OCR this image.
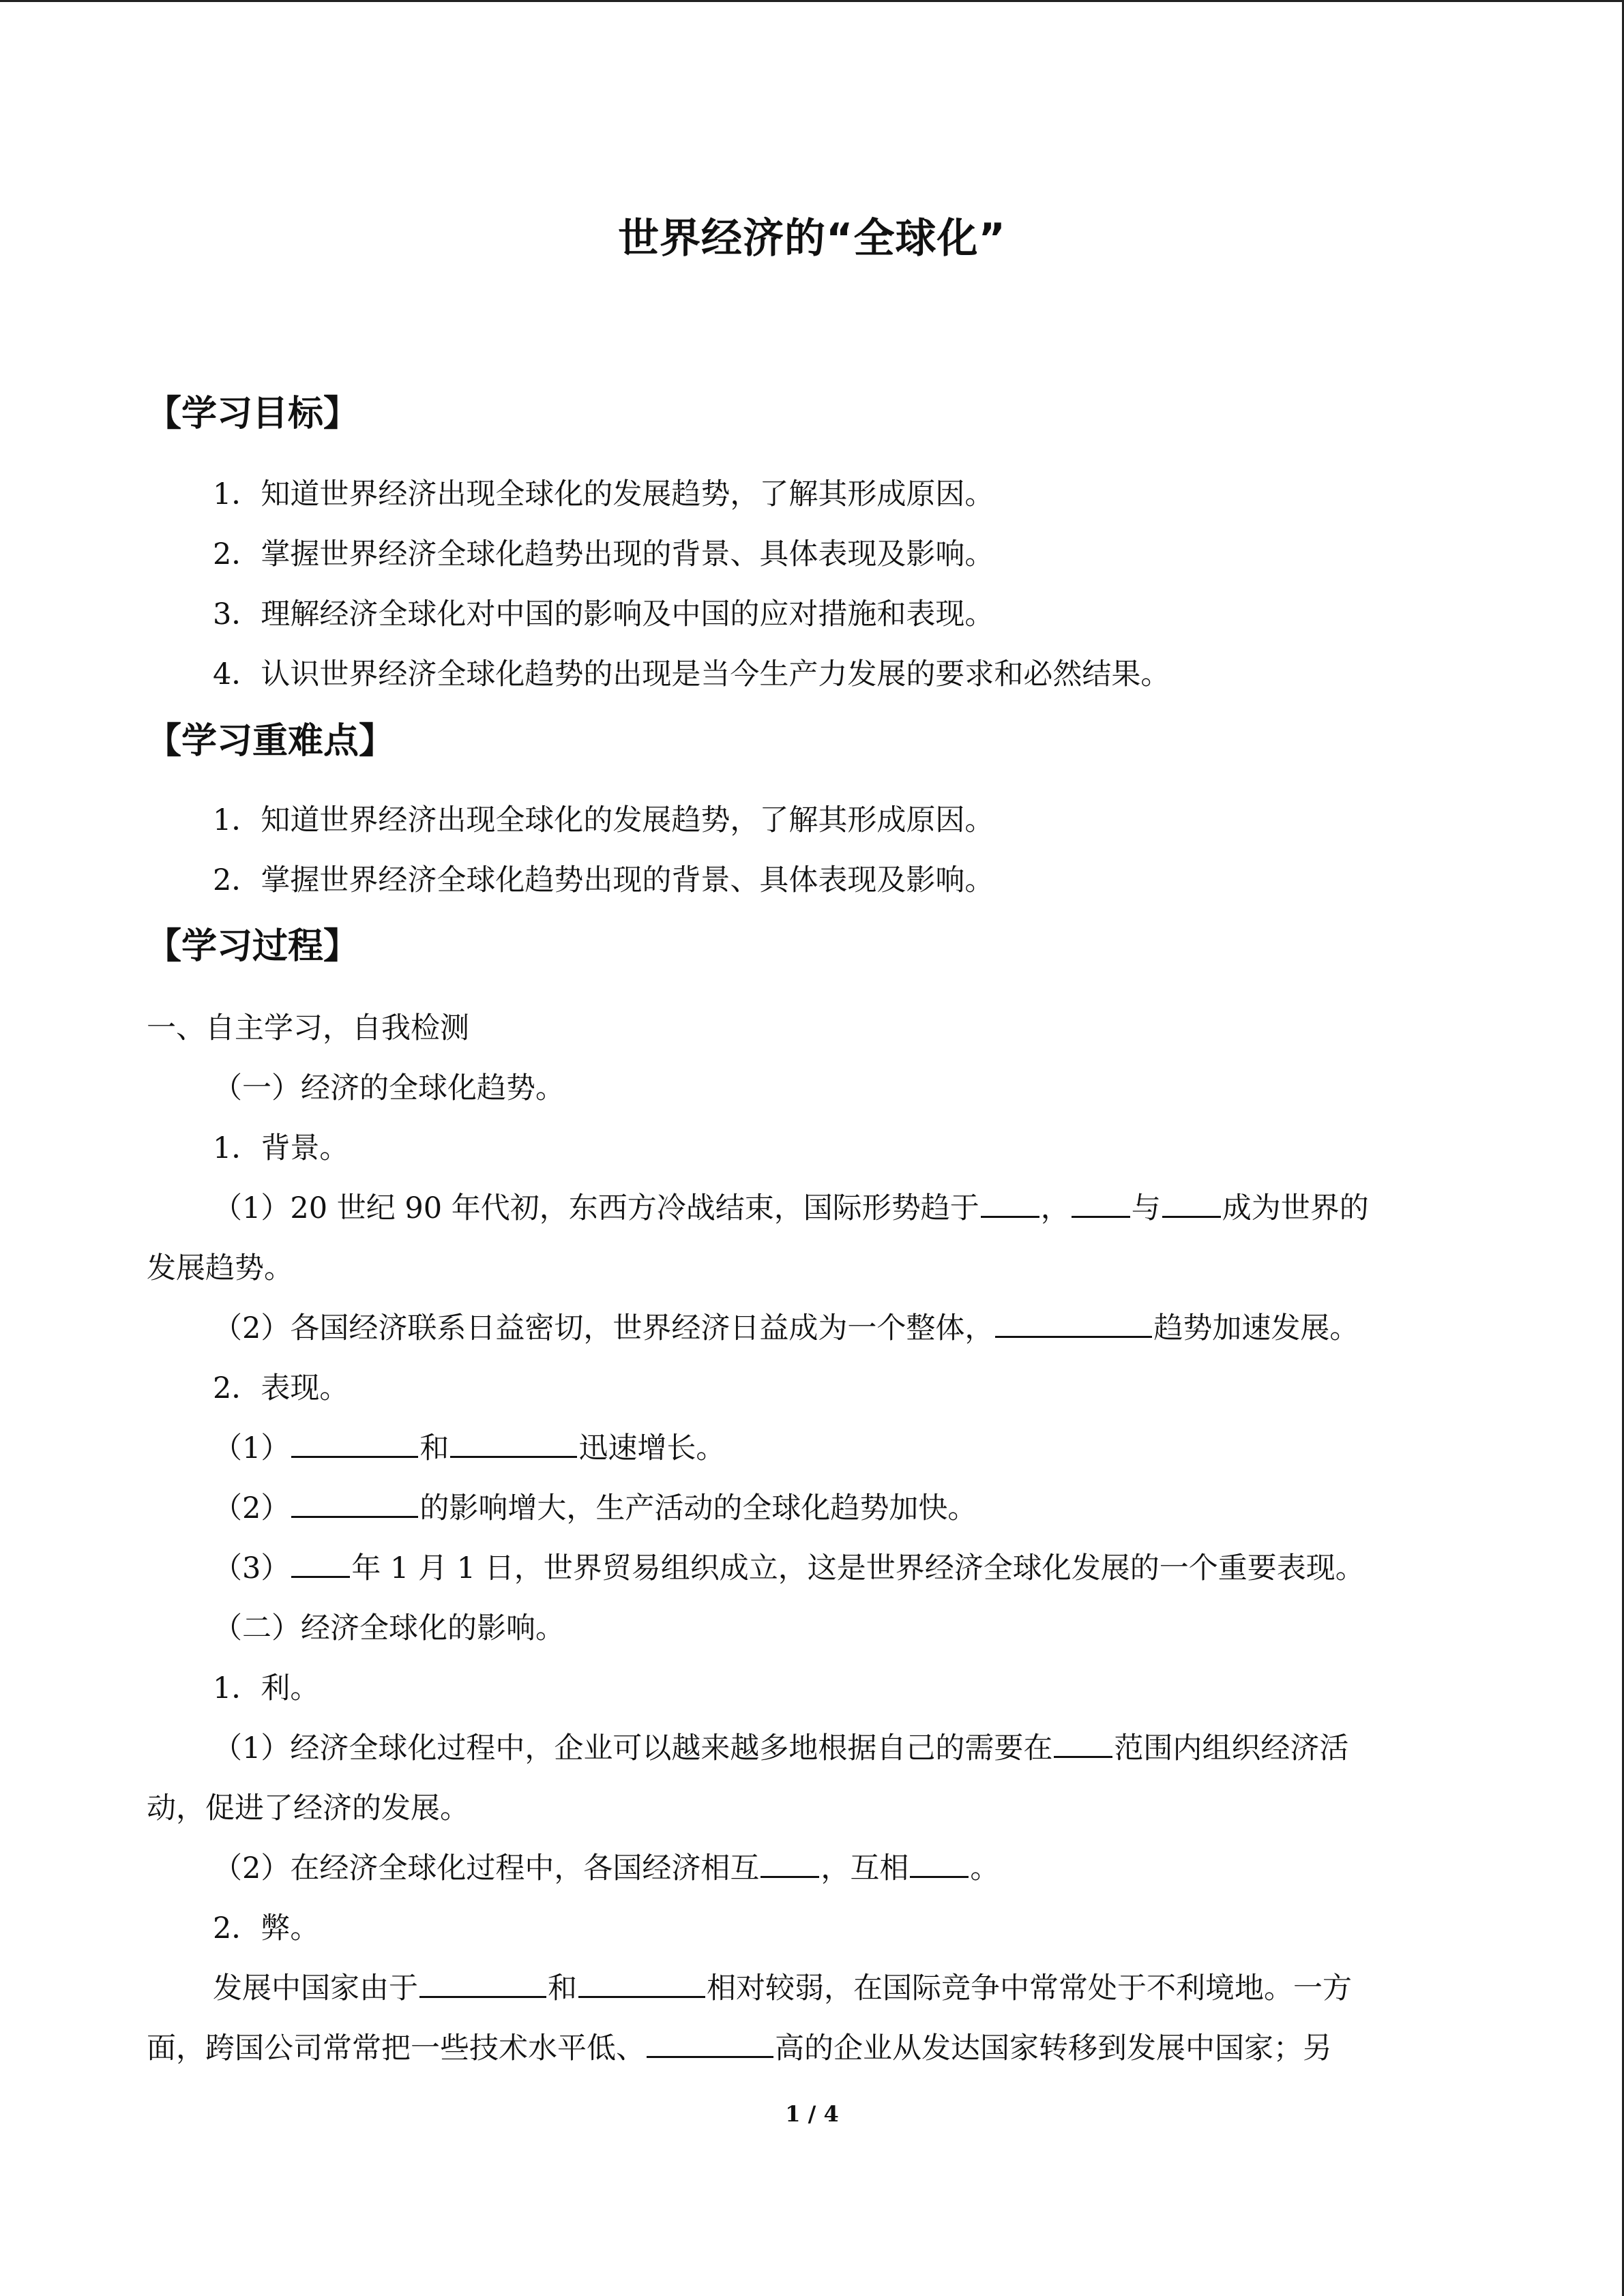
世界经济的“全球化”
【学习目标】
1．知道世界经济出现全球化的发展趋势，了解其形成原因。
2．掌握世界经济全球化趋势出现的背景、具体表现及影响。
3．理解经济全球化对中国的影响及中国的应对措施和表现。
4．认识世界经济全球化趋势的出现是当今生产力发展的要求和必然结果。
【学习重难点】
1．知道世界经济出现全球化的发展趋势，了解其形成原因。
2．掌握世界经济全球化趋势出现的背景、具体表现及影响。
【学习过程】
一、自主学习，自我检测
（一）经济的全球化趋势。
1．背景。
（1）20 世纪 90 年代初，东西方冷战结束，国际形势趋于 ， 与 成为世界的
发展趋势。
（2）各国经济联系日益密切，世界经济日益成为一个整体，	趋势加速发展。
2．表现。
（1）	和	迅速增长。
（2）	的影响增大，生产活动的全球化趋势加快。
（3） 年 1 月 1 日，世界贸易组织成立，这是世界经济全球化发展的一个重要表现。
（二）经济全球化的影响。
1．利。
（1）经济全球化过程中，企业可以越来越多地根据自己的需要在 范围内组织经济活
动，促进了经济的发展。
（2）在经济全球化过程中，各国经济相互 ，互相 。
2．弊。
发展中国家由于	和	相对较弱，在国际竞争中常常处于不利境地。一方
面，跨国公司常常把一些技术水平低、	高的企业从发达国家转移到发展中国家；另
1 / 4
